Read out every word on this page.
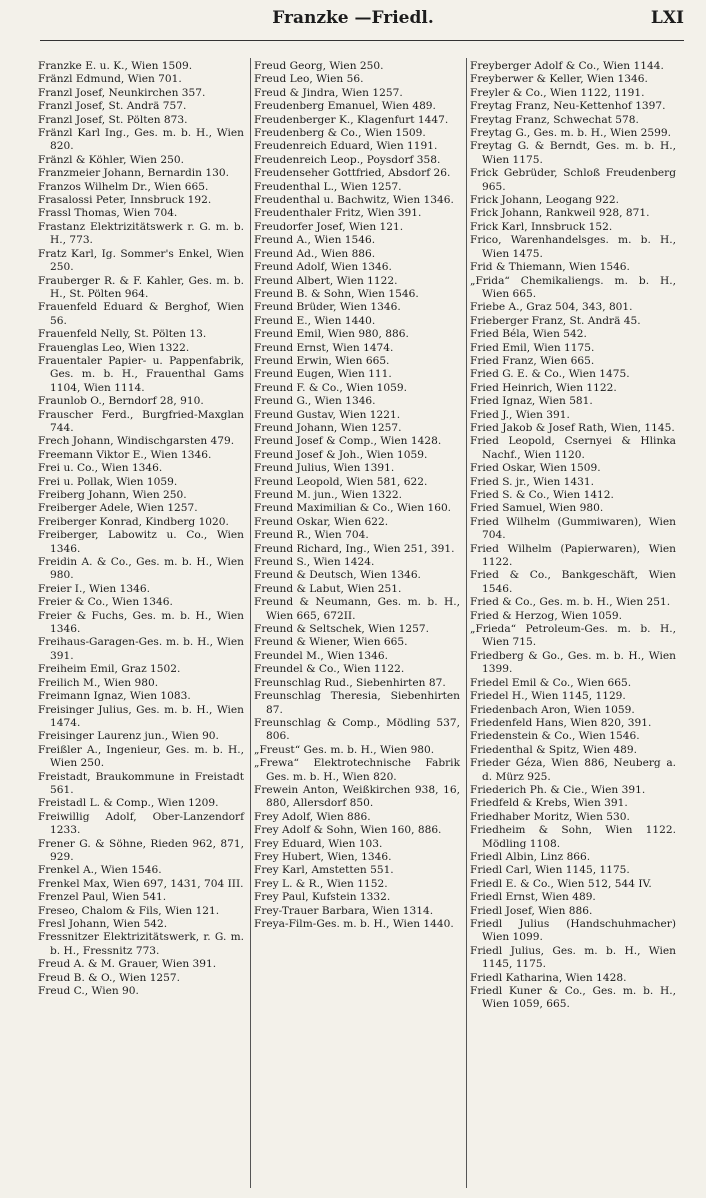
Franzke —Friedl.	LXI

Franzke E. u. K., Wien 1509.

Fränzl Edmund, Wien 701.

Franzl Josef, Neunkirchen 357.

Franzl Josef, St. Andrä 757.

Franzl Josef, St. Pölten 873.

Fränzl Karl Ing., Ges. m. b. H., Wien 820.

Fränzl & Köhler, Wien 250.

Franzmeier Johann, Bernardin 130.

Franzos Wilhelm Dr., Wien 665.

Frasalossi Peter, Innsbruck 192.

Frassl Thomas, Wien 704.

Frastanz Elektrizitätswerk r. G. m. b. H., 773.

Fratz Karl, Ig. Sommer's Enkel, Wien 250.

Frauberger R. & F. Kahler, Ges. m. b. H., St. Pölten 964.

Frauenfeld Eduard & Berghof, Wien 56.

Frauenfeld Nelly, St. Pölten 13.

Frauenglas Leo, Wien 1322.

Frauentaler Papier- u. Pappenfabrik, Ges. m. b. H., Frauenthal Gams 1104, Wien 1114.

Fraunlob O., Berndorf 28, 910.

Frauscher Ferd., Burgfried-Maxglan 744.

Frech Johann, Windischgarsten 479.

Freemann Viktor E., Wien 1346.

Frei u. Co., Wien 1346.

Frei u. Pollak, Wien 1059.

Freiberg Johann, Wien 250.

Freiberger Adele, Wien 1257.

Freiberger Konrad, Kindberg 1020.

Freiberger, Labowitz u. Co., Wien 1346.

Freidin A. & Co., Ges. m. b. H., Wien 980.

Freier I., Wien 1346.

Freier & Co., Wien 1346.

Freier & Fuchs, Ges. m. b. H., Wien 1346.

Freihaus-Garagen-Ges. m. b. H., Wien 391.

Freiheim Emil, Graz 1502.

Freilich M., Wien 980.

Freimann Ignaz, Wien 1083.

Freisinger Julius, Ges. m. b. H., Wien 1474.

Freisinger Laurenz jun., Wien 90.

Freißler A., Ingenieur, Ges. m. b. H., Wien 250.

Freistadt, Braukommune in Freistadt 561.

Freistadl L. & Comp., Wien 1209.

Freiwillig Adolf, Ober-Lanzendorf 1233.

Frener G. & Söhne, Rieden 962, 871, 929.

Frenkel A., Wien 1546.

Frenkel Max, Wien 697, 1431, 704 III.

Frenzel Paul, Wien 541.

Freseo, Chalom & Fils, Wien 121.

Fresl Johann, Wien 542.

Fressnitzer Elektrizitätswerk, r. G. m. b. H., Fressnitz 773.

Freud A. & M. Grauer, Wien 391.

Freud B. & O., Wien 1257.

Freud C., Wien 90.

Freud Georg, Wien 250.

Freud Leo, Wien 56.

Freud & Jindra, Wien 1257.

Freudenberg Emanuel, Wien 489.

Freudenberger K., Klagenfurt 1447.

Freudenberg & Co., Wien 1509.

Freudenreich Eduard, Wien 1191.

Freudenreich Leop., Poysdorf 358.

Freudenseher Gottfried, Absdorf 26.

Freudenthal L., Wien 1257.

Freudenthal u. Bachwitz, Wien 1346.

Freudenthaler Fritz, Wien 391.

Freudorfer Josef, Wien 121.

Freund A., Wien 1546.

Freund Ad., Wien 886.

Freund Adolf, Wien 1346.

Freund Albert, Wien 1122.

Freund B. & Sohn, Wien 1546.

Freund Brüder, Wien 1346.

Freund E., Wien 1440.

Freund Emil, Wien 980, 886.

Freund Ernst, Wien 1474.

Freund Erwin, Wien 665.

Freund Eugen, Wien 111.

Freund F. & Co., Wien 1059.

Freund G., Wien 1346.

Freund Gustav, Wien 1221.

Freund Johann, Wien 1257.

Freund Josef & Comp., Wien 1428.

Freund Josef & Joh., Wien 1059.

Freund Julius, Wien 1391.

Freund Leopold, Wien 581, 622.

Freund M. jun., Wien 1322.

Freund Maximilian & Co., Wien 160.

Freund Oskar, Wien 622.

Freund R., Wien 704.

Freund Richard, Ing., Wien 251, 391.

Freund S., Wien 1424.

Freund & Deutsch, Wien 1346.

Freund & Labut, Wien 251.

Freund & Neumann, Ges. m. b. H., Wien 665, 672II.

Freund & Seltschek, Wien 1257.

Freund & Wiener, Wien 665.

Freundel M., Wien 1346.

Freundel & Co., Wien 1122.

Freunschlag Rud., Siebenhirten 87.

Freunschlag Theresia, Siebenhirten 87.

Freunschlag & Comp., Mödling 537, 806.

„Freust“ Ges. m. b. H., Wien 980.

„Frewa“ Elektrotechnische Fabrik Ges. m. b. H., Wien 820.

Frewein Anton, Weißkirchen 938, 16, 880, Allersdorf 850.

Frey Adolf, Wien 886.

Frey Adolf & Sohn, Wien 160, 886.

Frey Eduard, Wien 103.

Frey Hubert, Wien, 1346.

Frey Karl, Amstetten 551.

Frey L. & R., Wien 1152.

Frey Paul, Kufstein 1332.

Frey-Trauer Barbara, Wien 1314.

Freya-Film-Ges. m. b. H., Wien 1440.

Freyberger Adolf & Co., Wien 1144.

Freyberwer & Keller, Wien 1346.

Freyler & Co., Wien 1122, 1191.

Freytag Franz, Neu-Kettenhof 1397.

Freytag Franz, Schwechat 578.

Freytag G., Ges. m. b. H., Wien 2599.

Freytag G. & Berndt, Ges. m. b. H., Wien 1175.

Frick Gebrüder, Schloß Freudenberg 965.

Frick Johann, Leogang 922.

Frick Johann, Rankweil 928, 871.

Frick Karl, Innsbruck 152.

Frico, Warenhandelsges. m. b. H., Wien 1475.

Frid & Thiemann, Wien 1546.

„Frida“ Chemikaliengs. m. b. H., Wien 665.

Friebe A., Graz 504, 343, 801.

Frieberger Franz, St. Andrä 45.

Fried Béla, Wien 542.

Fried Emil, Wien 1175.

Fried Franz, Wien 665.

Fried G. E. & Co., Wien 1475.

Fried Heinrich, Wien 1122.

Fried Ignaz, Wien 581.

Fried J., Wien 391.

Fried Jakob & Josef Rath, Wien, 1145.

Fried Leopold, Csernyei & Hlinka Nachf., Wien 1120.

Fried Oskar, Wien 1509.

Fried S. jr., Wien 1431.

Fried S. & Co., Wien 1412.

Fried Samuel, Wien 980.

Fried Wilhelm (Gummiwaren), Wien 704.

Fried Wilhelm (Papierwaren), Wien 1122.

Fried & Co., Bankgeschäft, Wien 1546.

Fried & Co., Ges. m. b. H., Wien 251.

Fried & Herzog, Wien 1059.

„Frieda“ Petroleum-Ges. m. b. H., Wien 715.

Friedberg & Go., Ges. m. b. H., Wien 1399.

Friedel Emil & Co., Wien 665.

Friedel H., Wien 1145, 1129.

Friedenbach Aron, Wien 1059.

Friedenfeld Hans, Wien 820, 391.

Friedenstein & Co., Wien 1546.

Friedenthal & Spitz, Wien 489.

Frieder Géza, Wien 886, Neuberg a. d. Mürz 925.

Friederich Ph. & Cie., Wien 391.

Friedfeld & Krebs, Wien 391.

Friedhaber Moritz, Wien 530.

Friedheim & Sohn, Wien 1122. Mödling 1108.

Friedl Albin, Linz 866.

Friedl Carl, Wien 1145, 1175.

Friedl E. & Co., Wien 512, 544 IV.

Friedl Ernst, Wien 489.

Friedl Josef, Wien 886.

Friedl Julius (Handschuhmacher) Wien 1099.

Friedl Julius, Ges. m. b. H., Wien 1145, 1175.

Friedl Katharina, Wien 1428.

Friedl Kuner & Co., Ges. m. b. H., Wien 1059, 665.
